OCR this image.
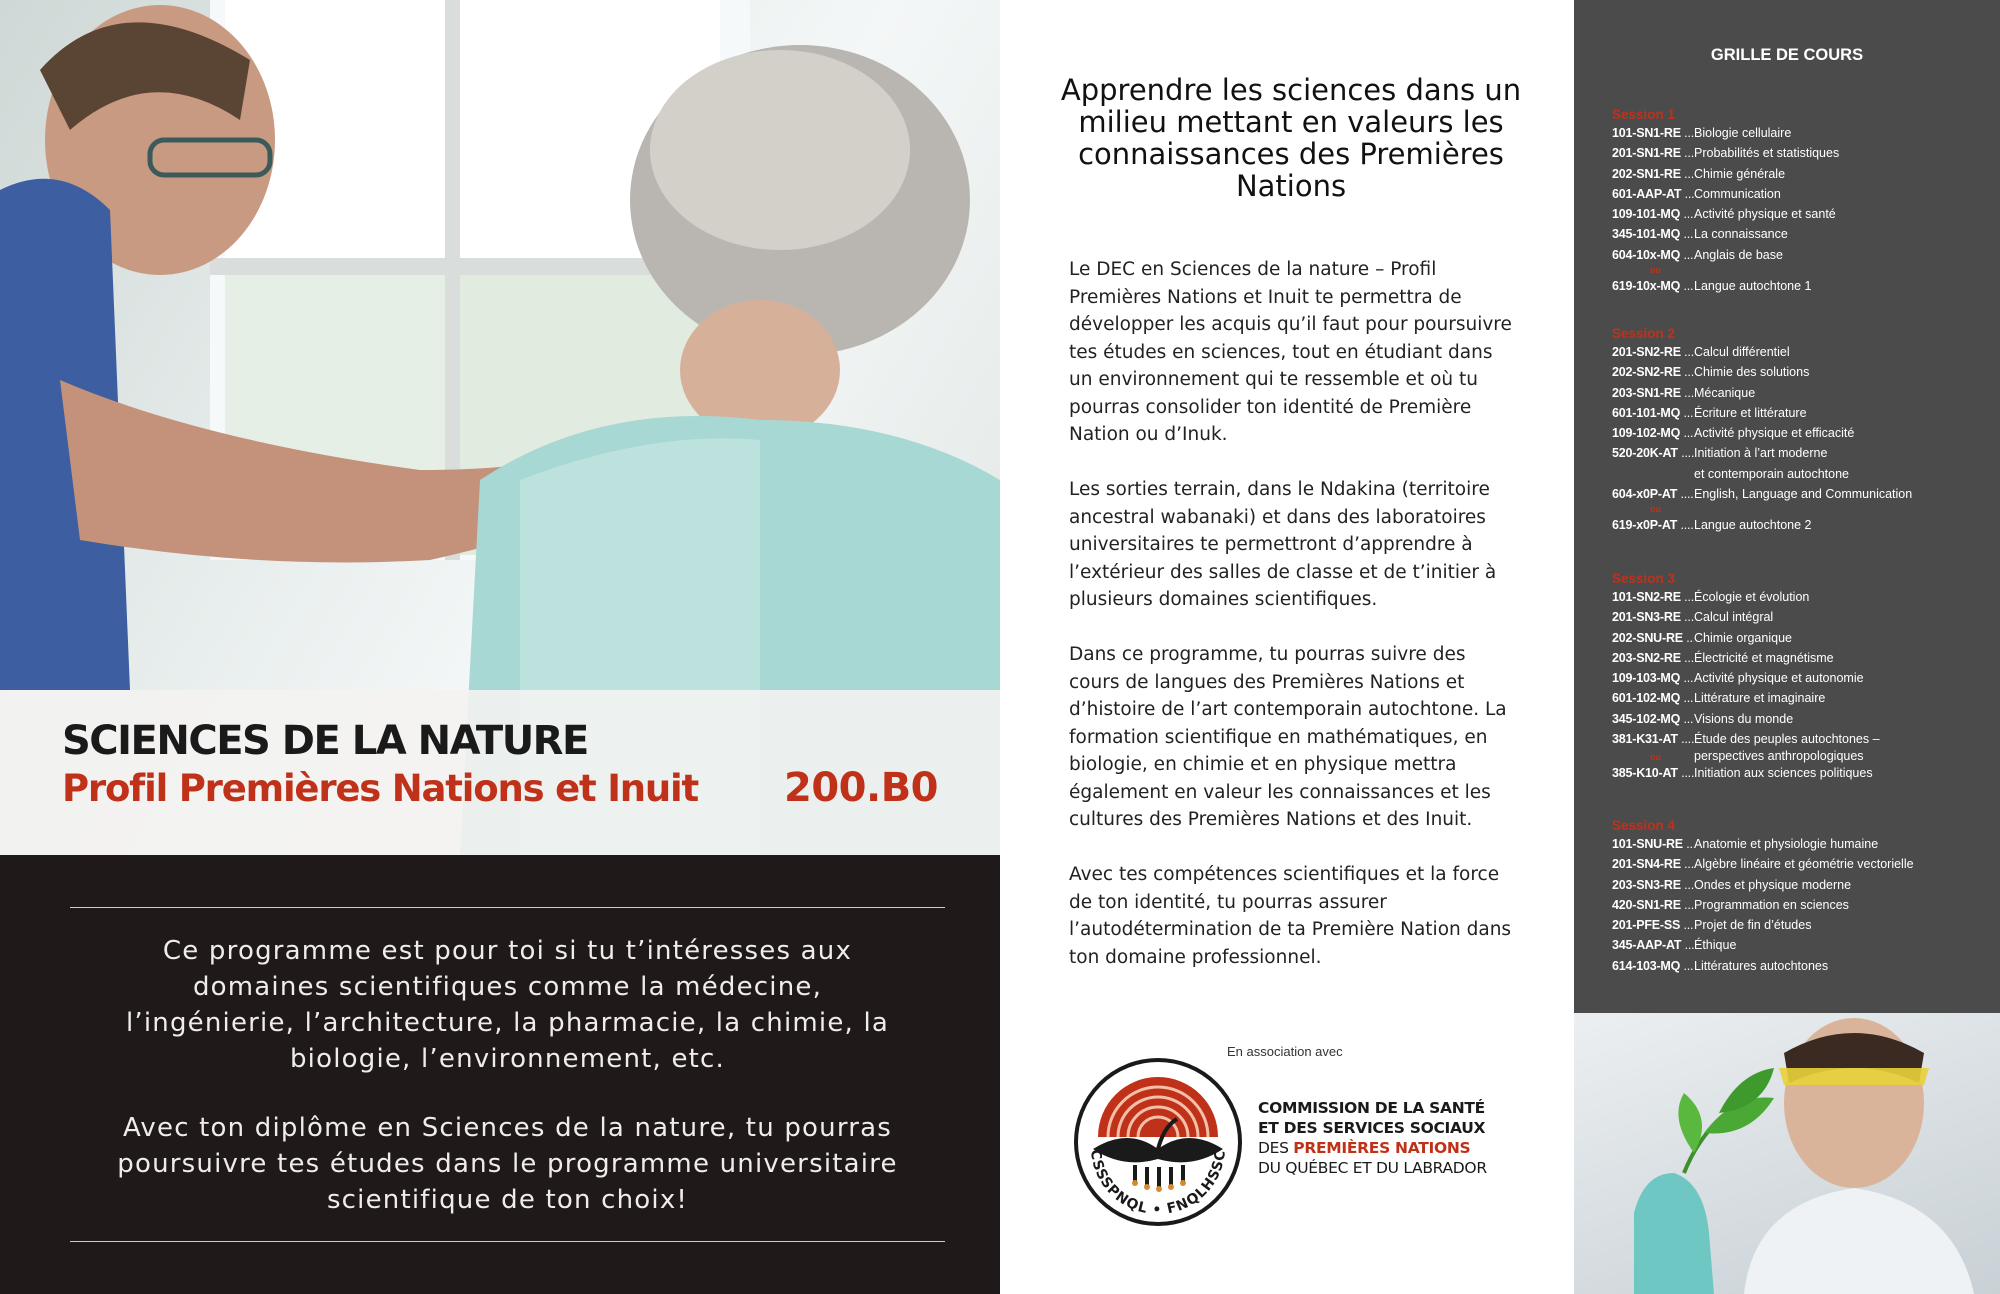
SCIENCES DE LA NATURE
Profil Premières Nations et Inuit 200.B0

Ce programme est pour toi si tu t’intéresses aux domaines scientifiques comme la médecine, l’ingénierie, l’architecture, la pharmacie, la chimie, la biologie, l’environnement, etc.

Avec ton diplôme en Sciences de la nature, tu pourras poursuivre tes études dans le programme universitaire scientifique de ton choix!

Apprendre les sciences dans un milieu mettant en valeurs les connaissances des Premières Nations

Le DEC en Sciences de la nature – Profil Premières Nations et Inuit te permettra de développer les acquis qu’il faut pour poursuivre tes études en sciences, tout en étudiant dans un environnement qui te ressemble et où tu pourras consolider ton identité de Première Nation ou d’Inuk.

Les sorties terrain, dans le Ndakina (territoire ancestral wabanaki) et dans des laboratoires universitaires te permettront d’apprendre à l’extérieur des salles de classe et de t’initier à plusieurs domaines scientifiques.

Dans ce programme, tu pourras suivre des cours de langues des Premières Nations et d’histoire de l’art contemporain autochtone. La formation scientifique en mathématiques, en biologie, en chimie et en physique mettra également en valeur les connaissances et les cultures des Premières Nations et des Inuit.

Avec tes compétences scientifiques et la force de ton identité, tu pourras assurer l’autodétermination de ta Première Nation dans ton domaine professionnel.

En association avec
CSSSPNQL • FNQLHSSC
COMMISSION DE LA SANTÉ
ET DES SERVICES SOCIAUX
DES PREMIÈRES NATIONS
DU QUÉBEC ET DU LABRADOR
GRILLE DE COURS
Session 1
101-SN1-RE .....	Biologie cellulaire
201-SN1-RE .....	Probabilités et statistiques
202-SN1-RE .....	Chimie générale
601-AAP-AT .....	Communication
109-101-MQ .....	Activité physique et santé
345-101-MQ .....	La connaissance
604-10x-MQ .....	Anglais de base
ou
619-10x-MQ .....	Langue autochtone 1
Session 2
201-SN2-RE .....	Calcul différentiel
202-SN2-RE .....	Chimie des solutions
203-SN1-RE .....	Mécanique
601-101-MQ .....	Écriture et littérature
109-102-MQ .....	Activité physique et efficacité
520-20K-AT .....	Initiation à l’art moderne
et contemporain autochtone
604-x0P-AT .....	English, Language and Communication
ou
619-x0P-AT .....	Langue autochtone 2
Session 3
101-SN2-RE .....	Écologie et évolution
201-SN3-RE .....	Calcul intégral
202-SNU-RE ..... Chimie organique
203-SN2-RE .....	Électricité et magnétisme
109-103-MQ .....	Activité physique et autonomie
601-102-MQ .....	Littérature et imaginaire
345-102-MQ .....	Visions du monde
381-K31-AT .....	Étude des peuples autochtones –
perspectives anthropologiques
ou
385-K10-AT .....	Initiation aux sciences politiques
Session 4
101-SNU-RE ..... Anatomie et physiologie humaine
201-SN4-RE .....	Algèbre linéaire et géométrie vectorielle
203-SN3-RE .....	Ondes et physique moderne
420-SN1-RE .....	Programmation en sciences
201-PFE-SS .....	Projet de fin d’études
345-AAP-AT .....	Éthique
614-103-MQ .....	Littératures autochtones
